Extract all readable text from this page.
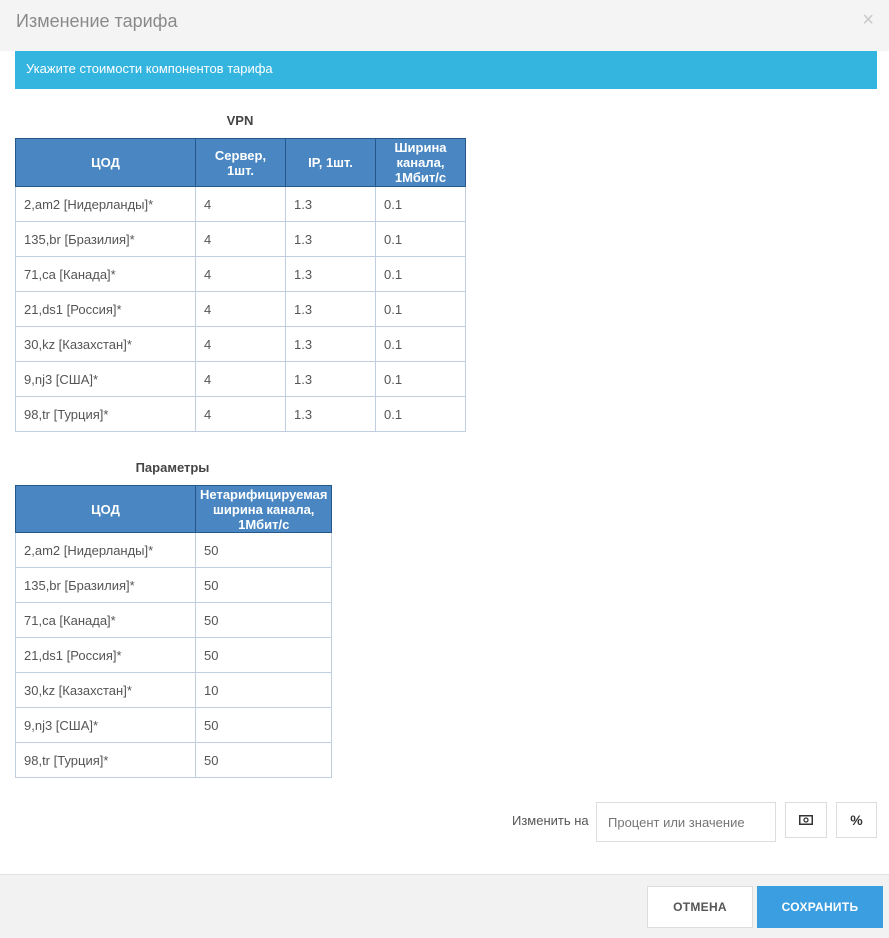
Изменение тарифа	×
Укажите стоимости компонентов тарифа
VPN
ЦОД	Сервер, 1шт.	IP, 1шт.	Ширина канала, 1Мбит/с
2,am2 [Нидерланды]*	4	1.3	0.1
135,br [Бразилия]*	4	1.3	0.1
71,ca [Канада]*	4	1.3	0.1
21,ds1 [Россия]*	4	1.3	0.1
30,kz [Казахстан]*	4	1.3	0.1
9,nj3 [США]*	4	1.3	0.1
98,tr [Турция]*	4	1.3	0.1
Параметры
ЦОД	Нетарифицируемая ширина канала, 1Мбит/с
2,am2 [Нидерланды]*	50
135,br [Бразилия]*	50
71,ca [Канада]*	50
21,ds1 [Россия]*	50
30,kz [Казахстан]*	10
9,nj3 [США]*	50
98,tr [Турция]*	50
Изменить на
Процент или значение	%
ОТМЕНА	СОХРАНИТЬ
